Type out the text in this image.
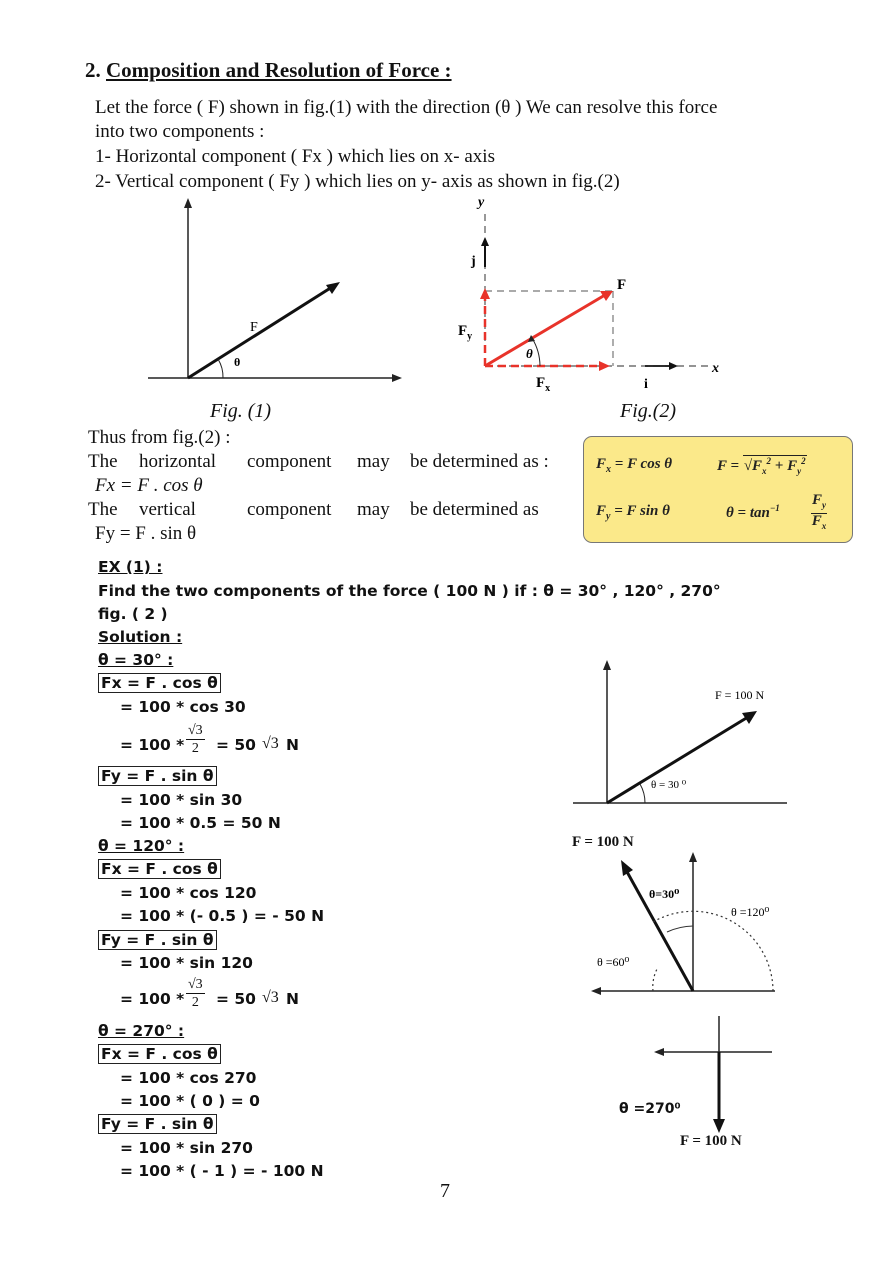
2. Composition and Resolution of Force :
Let the force ( F) shown in fig.(1) with the direction (θ ) We can resolve this force
into two components :
1- Horizontal component ( Fx ) which lies on x- axis
2- Vertical component ( Fy ) which lies on y- axis as shown in fig.(2)
F
θ
Fig. (1)
y
j
i
x
θ
F
$F_y$
$F_x$
Fig.(2)
Thus from fig.(2) :
The horizontal component may be determined as :
Fx = F . cos θ
The vertical	component may be determined as
Fy = F . sin θ
$F_x = F$ cos θ
$F_y = F$ sin θ
$F = √F_x^2 + F_y^2$
$\theta = \tan^{-1} F_y$
$F_x$
EX (1) :
Find the two components of the force ( 100 N ) if : θ = 30° , 120° , 270°
fig. ( 2 )
Solution :
θ = 30° :
Fx = F . cos θ
= 100 * cos 30
= $100 * \frac{√3}{2} = 50$ √3 N
Fy = F . sin θ
= 100 * sin 30
= 100 * 0.5 = 50 N
θ = 120° :
Fx = F . cos θ
= 100 * cos 120
= 100 * (- 0.5 ) = - 50 N
Fy = F . sin θ
= 100 * sin 120
= $100 * \frac{√3}{2} = 50$ √3 N
θ = 270° :
Fx = F . cos θ
= 100 * cos 270
= 100 * ( 0 ) = 0
Fy = F . sin θ
= 100 * sin 270
= 100 * ( - 1 ) = - 100 N
F = 100 N
θ = 30 ⁰
F = 100 N
θ=30⁰
θ =120⁰
θ =60⁰
θ =270⁰
F = 100 N
7
